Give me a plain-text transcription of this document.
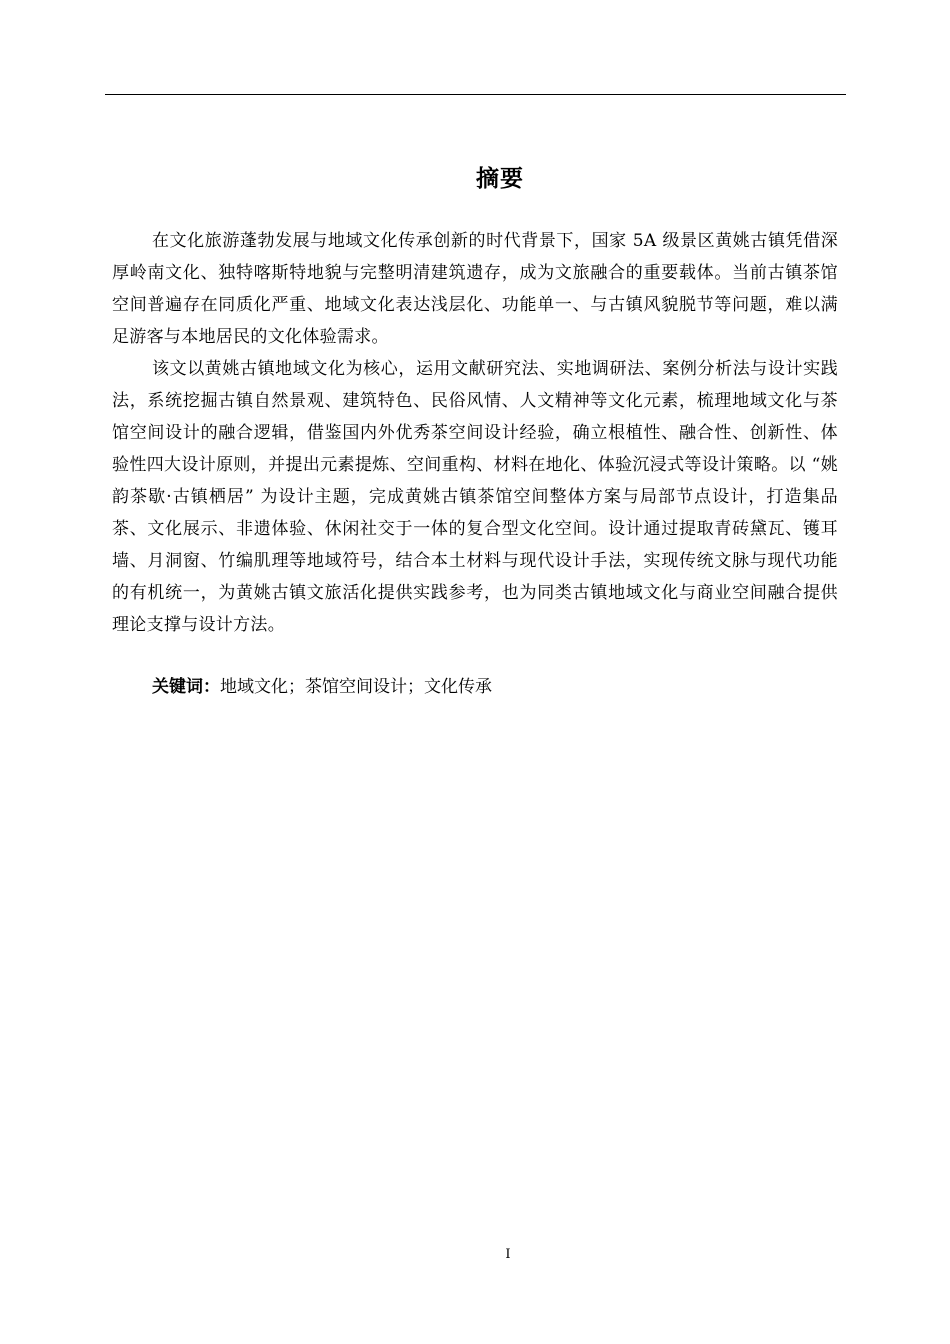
摘要

在文化旅游蓬勃发展与地域文化传承创新的时代背景下，国家 5A 级景区黄姚古镇凭借深厚岭南文化、独特喀斯特地貌与完整明清建筑遗存，成为文旅融合的重要载体。当前古镇茶馆空间普遍存在同质化严重、地域文化表达浅层化、功能单一、与古镇风貌脱节等问题，难以满足游客与本地居民的文化体验需求。

该文以黄姚古镇地域文化为核心，运用文献研究法、实地调研法、案例分析法与设计实践法，系统挖掘古镇自然景观、建筑特色、民俗风情、人文精神等文化元素，梳理地域文化与茶馆空间设计的融合逻辑，借鉴国内外优秀茶空间设计经验，确立根植性、融合性、创新性、体验性四大设计原则，并提出元素提炼、空间重构、材料在地化、体验沉浸式等设计策略。以 “姚韵茶歇·古镇栖居” 为设计主题，完成黄姚古镇茶馆空间整体方案与局部节点设计，打造集品茶、文化展示、非遗体验、休闲社交于一体的复合型文化空间。设计通过提取青砖黛瓦、镬耳墙、月洞窗、竹编肌理等地域符号，结合本土材料与现代设计手法，实现传统文脉与现代功能的有机统一，为黄姚古镇文旅活化提供实践参考，也为同类古镇地域文化与商业空间融合提供理论支撑与设计方法。

关键词：地域文化；茶馆空间设计；文化传承
I
